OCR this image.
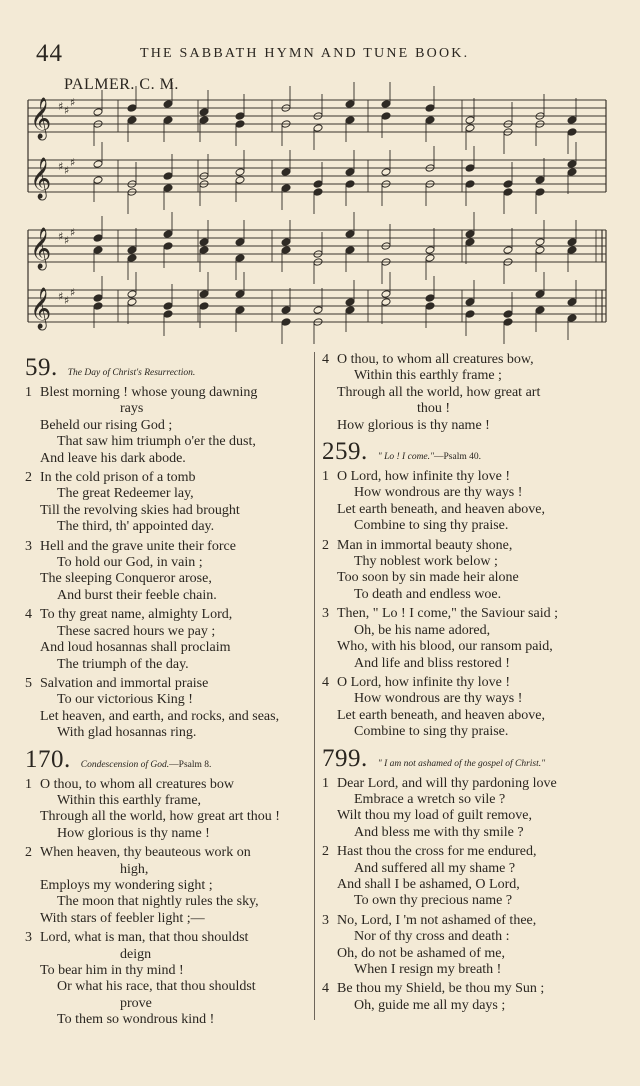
44	THE SABBATH HYMN AND TUNE BOOK.
PALMER. C. M.
𝄞 ♯ ♯
♯
𝄞 ♯ ♯
♯
𝄞 ♯ ♯
♯
𝄞 ♯ ♯
♯
59. The Day of Christ's Resurrection.
1 Blest morning ! whose young dawning
rays
Beheld our rising God ;
That saw him triumph o'er the dust,
And leave his dark abode.
2 In the cold prison of a tomb
The great Redeemer lay,
Till the revolving skies had brought
The third, th' appointed day.
3 Hell and the grave unite their force
To hold our God, in vain ;
The sleeping Conqueror arose,
And burst their feeble chain.
4 To thy great name, almighty Lord,
These sacred hours we pay ;
And loud hosannas shall proclaim
The triumph of the day.
5 Salvation and immortal praise
To our victorious King !
Let heaven, and earth, and rocks, and seas,
With glad hosannas ring.
170. Condescension of God. —Psalm 8.
1 O thou, to whom all creatures bow
Within this earthly frame,
Through all the world, how great art thou !
How glorious is thy name !
2 When heaven, thy beauteous work on
high,
Employs my wondering sight ;
The moon that nightly rules the sky,
With stars of feebler light ;—
3 Lord, what is man, that thou shouldst
deign
To bear him in thy mind !
Or what his race, that thou shouldst
prove
To them so wondrous kind !
4 O thou, to whom all creatures bow,
Within this earthly frame ;
Through all the world, how great art
thou !
How glorious is thy name !
259. " Lo ! I come." —Psalm 40.
1 O Lord, how infinite thy love !
How wondrous are thy ways !
Let earth beneath, and heaven above,
Combine to sing thy praise.
2 Man in immortal beauty shone,
Thy noblest work below ;
Too soon by sin made heir alone
To death and endless woe.
3 Then, " Lo ! I come," the Saviour said ;
Oh, be his name adored,
Who, with his blood, our ransom paid,
And life and bliss restored !
4 O Lord, how infinite thy love !
How wondrous are thy ways !
Let earth beneath, and heaven above,
Combine to sing thy praise.
799. " I am not ashamed of the gospel of Christ."
1 Dear Lord, and will thy pardoning love
Embrace a wretch so vile ?
Wilt thou my load of guilt remove,
And bless me with thy smile ?
2 Hast thou the cross for me endured,
And suffered all my shame ?
And shall I be ashamed, O Lord,
To own thy precious name ?
3 No, Lord, I 'm not ashamed of thee,
Nor of thy cross and death :
Oh, do not be ashamed of me,
When I resign my breath !
4 Be thou my Shield, be thou my Sun ;
Oh, guide me all my days ;
